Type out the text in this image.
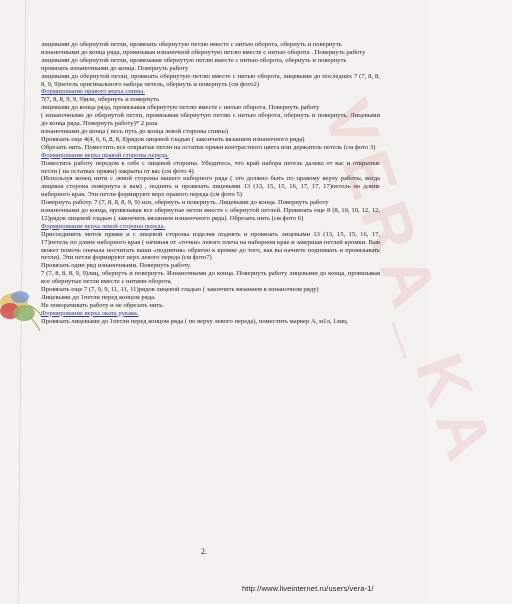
VERA_KA

лицевыми до обернутой петли, провязать обернутую петлю вместе с нитью оборота, обернуть и повернуть

изнаночными до конца ряда, провязывая изнаночной обернутую петлю вместе с нитью оборота . Повернуть работу

лицевыми до обернутой петли, провязывая обернутую петлю вместе с нитью оборота, обернуть и повернуть

провязать изнаночными до конца. Повернуть работу

лицевыми до обернутой петли, провязать обернутую петлю вместе с нитью оборота, лицевыми до последних 7 (7, 8, 8, 8, 9, 9)петель оригинального набора петель, обернуть и повернуть (см фото2)

Формирование правого верха спины.

7(7, 8, 8, 9, 9, 9)изн, обернуть и повернуть

лицевыми до конца ряда, провязывая обернутую петлю вместе с нитью оборота. Повернуть работу

( изнаночными до обернутой петли, провязывая обернутую петлю с нитью оборота, обернуть и повернуть. Лицевыми до конца ряда. Повернуть работу)* 2 раза

изнаночными до конца ( весь путь до конца левой стороны спины)

Провязать еще 4(4, 6, 6, 8, 8, 8)рядов лицевой гладью ( закончить вязанием изнаночного ряда)

Обрезать нить. Поместить все открытые петли на остатки пряжи контрастного цвета или держатель петель (см фото 3)

Формирование верха правой стороны переда.

Поместить работу передом к себе с лицевой стороны. Убедитесь, что край набора петель далеко от вас и открытые петли ( на остатках пряжи) закрыты от вас (см фото 4)

(Используя конец нити с левой стороны вашего наборного ряда ( это должно быть по правому верху работы, когда лицевая сторона повернута к вам) , поднять и провязать лицевыми 13 (13, 15, 15, 16, 17, 17, 17)петель по длине наборного края. Эти петли формируют верх правого переда (см фото 5)

Повернуть работу. 7 (7, 8, 8, 8, 9, 9) изн, обернуть и повернуть. Лицевыми до конца. Повернуть работу

изнаночными до конца, провязывая все обернутые петли вместе с обернутой петлей. Провязать еще 8 (8, 10, 10, 12, 12, 12)рядов лицевой гладью ( закончить вязанием изнаночного ряда). Обрезать нить (см фото 6)

Формирование верха левой стороны переда.

Присоединить моток пряжи и с лицевой стороны изделия поднять и провязать лицевыми 13 (13, 15, 15, 16, 17, 17)петель по длине наборного края ( начиная от «точки» левого плеча на наборном крае и завершая петлей кромки. Вам может помочь сначала посчитать ваши «поднятия» обратно к кромке до того, как вы начнете поднимать и провязывать петли). Эти петли формируют верх левого переда (см фото7)

Провязать один ряд изнаночными. Повернуть работу.

7 (7, 8, 8, 8, 9, 9)лиц, обернуть и повернуть. Изнаночными до конца. Повернуть работу лицевыми до конца, провязывая все обернутые петли вместе с нитями оборота.

Провязать еще 7 (7, 9, 9, 11, 11, 11)рядов лицевой гладью ( закончить вязанием в изнаночном ряду)

Лицевыми до 1петли перед концом ряда.

Не поворачивать работу и не обрезать нить.

Формирование верха оката рукава.

Провязать лицевыми до 1петли перед концом ряда ( по верху левого переда), поместить маркер А, м1л, 1лиц.

2.
http://www.liveinternet.ru/users/vera-1/
